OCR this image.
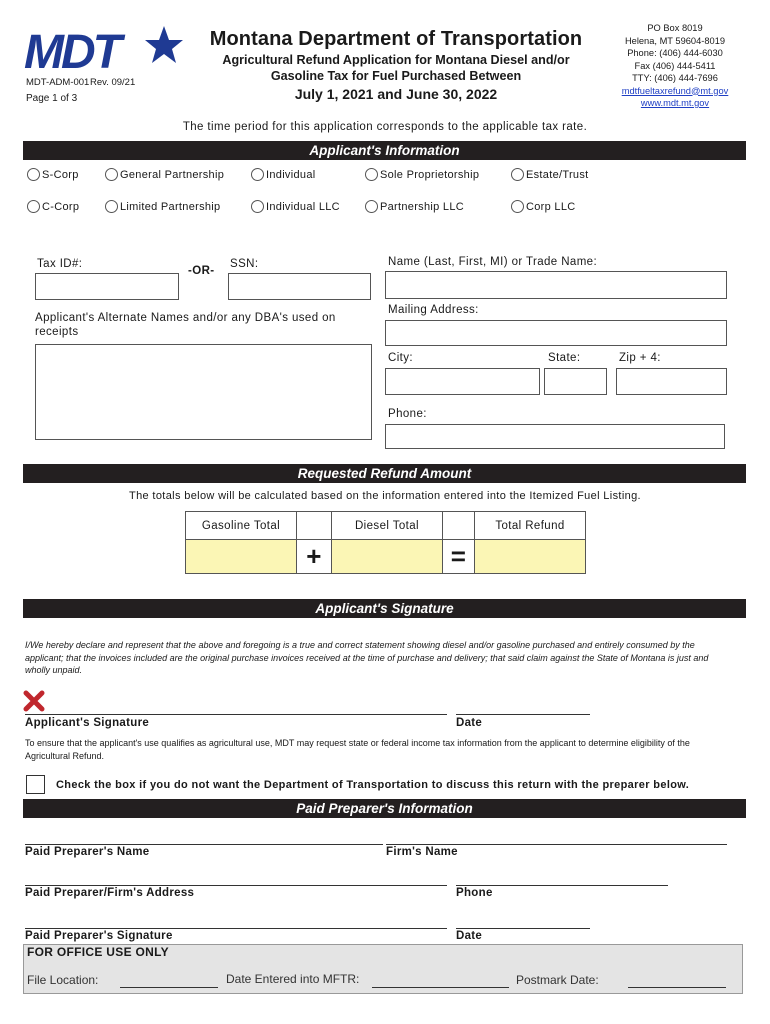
MDT
MDT-ADM-001 Rev. 09/21
Page 1 of 3
Montana Department of Transportation
Agricultural Refund Application for Montana Diesel and/or
Gasoline Tax for Fuel Purchased Between
July 1, 2021 and June 30, 2022
PO Box 8019
Helena, MT 59604-8019
Phone: (406) 444-6030
Fax (406) 444-5411
TTY: (406) 444-7696
mdtfueltaxrefund@mt.gov
www.mdt.mt.gov
The time period for this application corresponds to the applicable tax rate.
Applicant's Information
S-Corp	General Partnership	Individual	Sole Proprietorship	Estate/Trust
C-Corp	Limited Partnership	Individual LLC	Partnership LLC	Corp LLC
Tax ID#:
-OR-
SSN:	Name (Last, First, MI) or Trade Name:
Mailing Address:
Applicant's Alternate Names and/or any DBA's used on receipts
City:	State:	Zip + 4:
Phone:
Requested Refund Amount
The totals below will be calculated based on the information entered into the Itemized Fuel Listing.
Gasoline Total		Diesel Total		Total Refund
	+		=	
Applicant's Signature
I/We hereby declare and represent that the above and foregoing is a true and correct statement showing diesel and/or gasoline purchased and entirely consumed by the applicant; that the invoices included are the original purchase invoices received at the time of purchase and delivery; that said claim against the State of Montana is just and wholly unpaid.
Applicant's Signature	Date
To ensure that the applicant's use qualifies as agricultural use, MDT may request state or federal income tax information from the applicant to determine eligibility of the Agricultural Refund.
Check the box if you do not want the Department of Transportation to discuss this return with the preparer below.
Paid Preparer's Information
Paid Preparer's Name	Firm's Name
Paid Preparer/Firm's Address	Phone
Paid Preparer's Signature	Date
FOR OFFICE USE ONLY
File Location:	Date Entered into MFTR:	Postmark Date:
